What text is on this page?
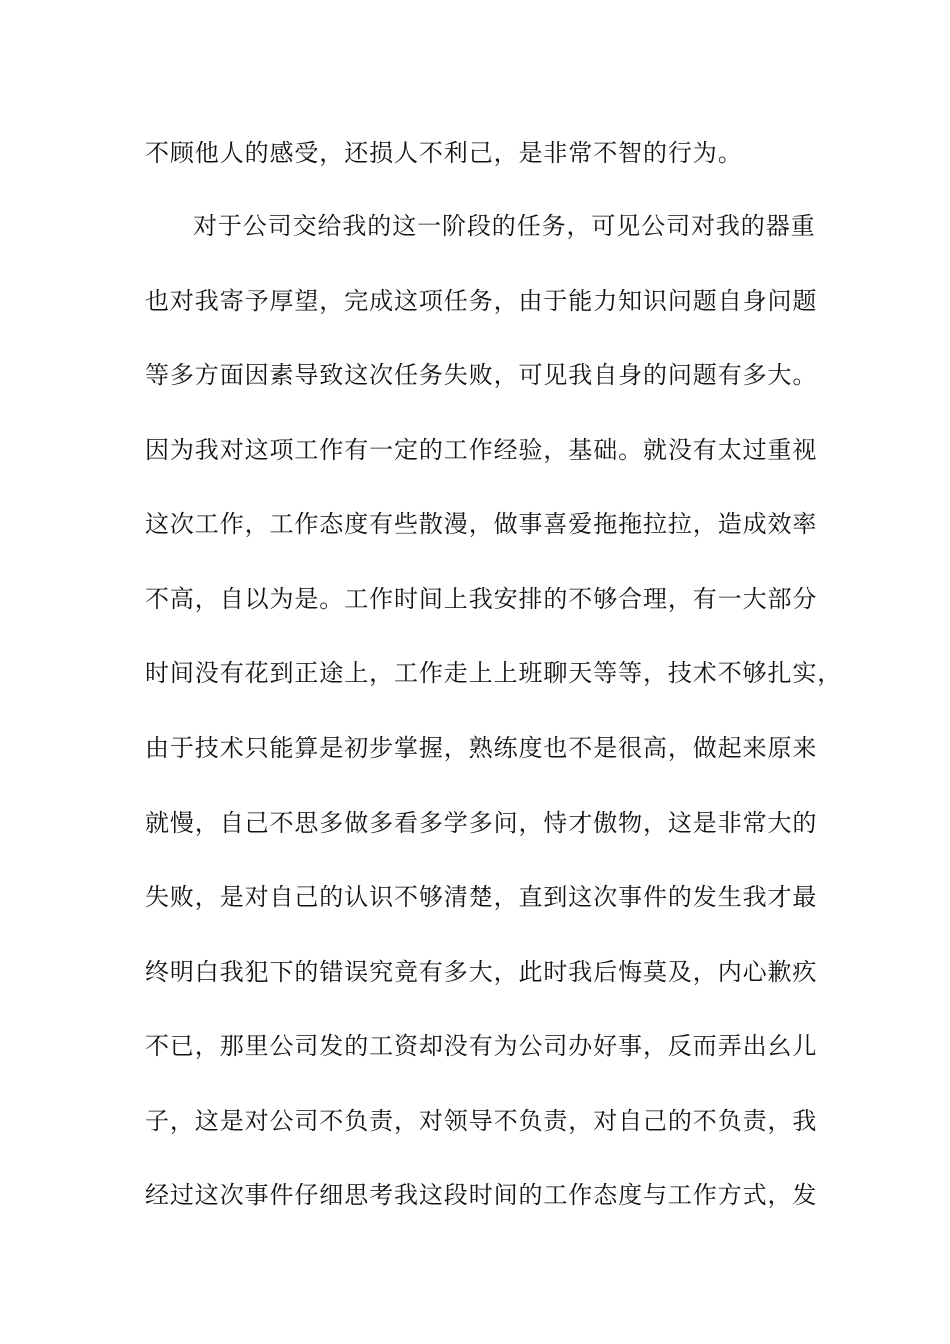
不顾他人的感受，还损人不利己，是非常不智的行为。
对于公司交给我的这一阶段的任务，可见公司对我的器重
也对我寄予厚望，完成这项任务，由于能力知识问题自身问题
等多方面因素导致这次任务失败，可见我自身的问题有多大。
因为我对这项工作有一定的工作经验，基础。就没有太过重视
这次工作，工作态度有些散漫，做事喜爱拖拖拉拉，造成效率
不高，自以为是。工作时间上我安排的不够合理，有一大部分
时间没有花到正途上，工作走上上班聊天等等，技术不够扎实，
由于技术只能算是初步掌握，熟练度也不是很高，做起来原来
就慢，自己不思多做多看多学多问，恃才傲物，这是非常大的
失败，是对自己的认识不够清楚，直到这次事件的发生我才最
终明白我犯下的错误究竟有多大，此时我后悔莫及，内心歉疚
不已，那里公司发的工资却没有为公司办好事，反而弄出幺儿
子，这是对公司不负责，对领导不负责，对自己的不负责，我
经过这次事件仔细思考我这段时间的工作态度与工作方式，发
